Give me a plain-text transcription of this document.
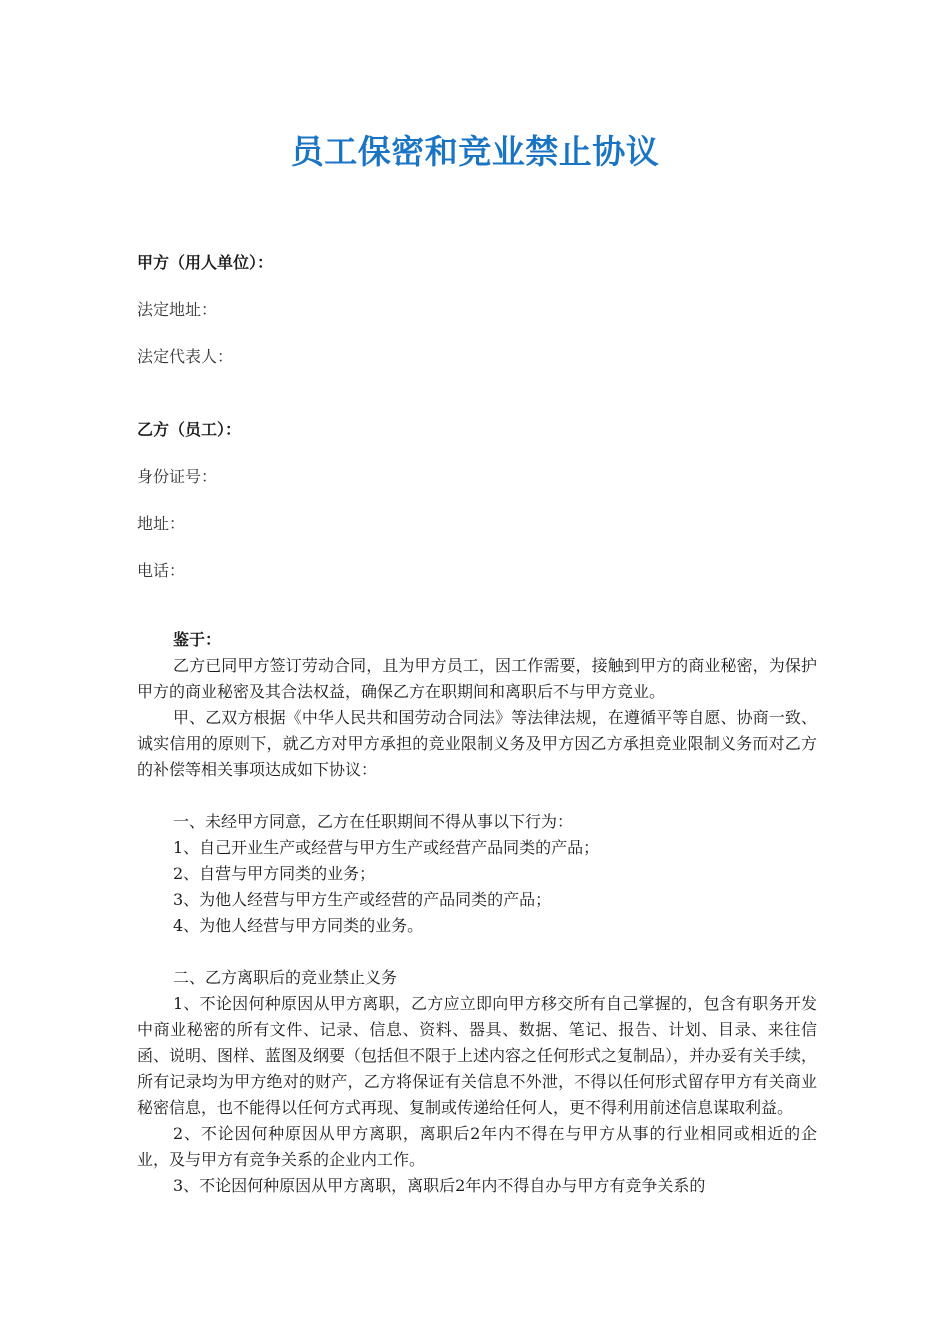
员工保密和竞业禁止协议
甲方（用人单位）：
法定地址：
法定代表人：
乙方（员工）：
身份证号：
地址：
电话：

鉴于：

乙方已同甲方签订劳动合同，且为甲方员工，因工作需要，接触到甲方的商业秘密，为保护甲方的商业秘密及其合法权益，确保乙方在职期间和离职后不与甲方竞业。

甲、乙双方根据《中华人民共和国劳动合同法》等法律法规，在遵循平等自愿、协商一致、诚实信用的原则下，就乙方对甲方承担的竞业限制义务及甲方因乙方承担竞业限制义务而对乙方的补偿等相关事项达成如下协议：

一、未经甲方同意，乙方在任职期间不得从事以下行为：

1、自己开业生产或经营与甲方生产或经营产品同类的产品；

2、自营与甲方同类的业务；

3、为他人经营与甲方生产或经营的产品同类的产品；

4、为他人经营与甲方同类的业务。

二、乙方离职后的竞业禁止义务

1、不论因何种原因从甲方离职，乙方应立即向甲方移交所有自己掌握的，包含有职务开发中商业秘密的所有文件、记录、信息、资料、器具、数据、笔记、报告、计划、目录、来往信函、说明、图样、蓝图及纲要（包括但不限于上述内容之任何形式之复制品），并办妥有关手续，所有记录均为甲方绝对的财产，乙方将保证有关信息不外泄，不得以任何形式留存甲方有关商业秘密信息，也不能得以任何方式再现、复制或传递给任何人，更不得利用前述信息谋取利益。

2、不论因何种原因从甲方离职，离职后2年内不得在与甲方从事的行业相同或相近的企业，及与甲方有竞争关系的企业内工作。

3、不论因何种原因从甲方离职，离职后2年内不得自办与甲方有竞争关系的
